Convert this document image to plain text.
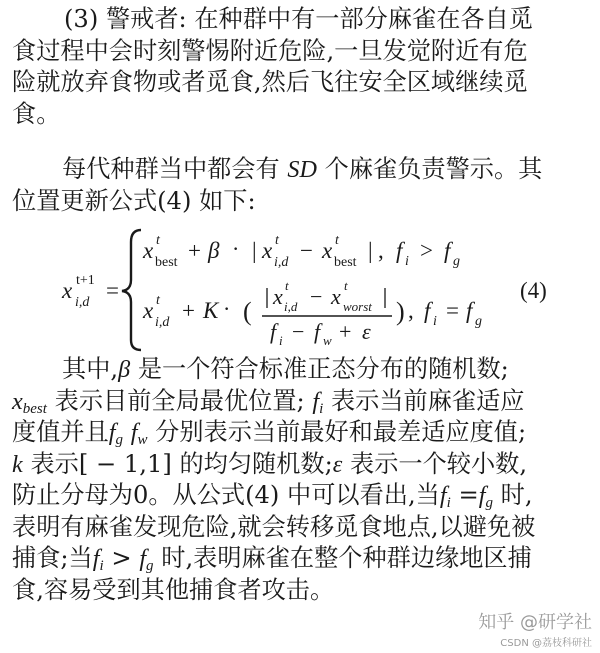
(3) 警戒者: 在种群中有一部分麻雀在各自觅
食过程中会时刻警惕附近危险,一旦发觉附近有危
险就放弃食物或者觅食,然后飞往安全区域继续觅
食。
每代种群当中都会有 SD 个麻雀负责警示。其
位置更新公式(4) 如下:
x t+1
i,d =
x t
best + β · | x t
i,d − x t
best | , f i > f g
x t
i,d + K · (
x t
i,d − x t
worst
f i − f w + ε
) , f i = f g
(4)
其中,β 是一个符合标准正态分布的随机数;
$x_{best}$ 表示目前全局最优位置; $f_i$ 表示当前麻雀适应
度值并且$f_g$ $f_w$ 分别表示当前最好和最差适应度值;
k 表示[ − 1,1] 的均匀随机数;ε 表示一个较小数,
防止分母为0。从公式(4) 中可以看出,当$f_i =f_g$ 时,
表明有麻雀发现危险,就会转移觅食地点,以避免被
捕食;当$f_i > f_g$ 时,表明麻雀在整个种群边缘地区捕
食,容易受到其他捕食者攻击。
知乎 @研学社
CSDN @荔枝科研社
